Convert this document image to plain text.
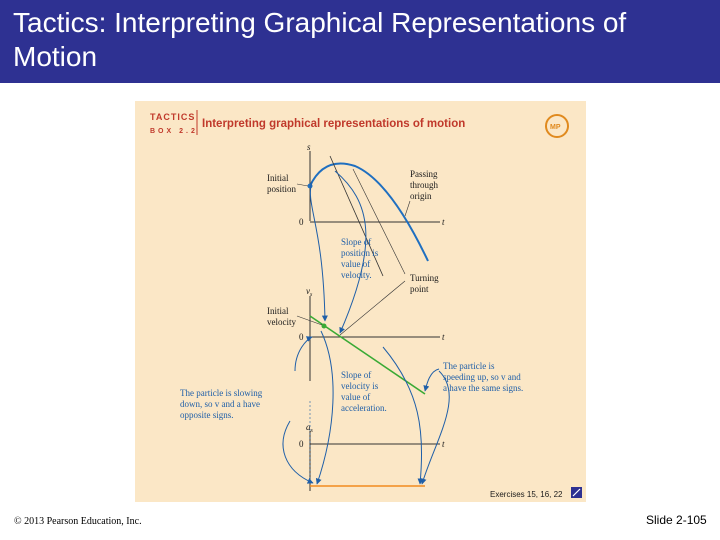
Tactics: Interpreting Graphical Representations of Motion
TACTICS
BOX 2.2
Interpreting graphical representations of motion	MP
s
t
0
$v_s$
t
0
$a_s$
t
0
Initial position
Passing through origin
Slope of position is value of velocity.	Turning point
Initial velocity
The particle is slowing down, so v and a have opposite signs.
Slope of velocity is value of acceleration.
The particle is speeding up, so v and a have the same signs.
Exercises 15, 16, 22
© 2013 Pearson Education, Inc.	Slide 2-105
